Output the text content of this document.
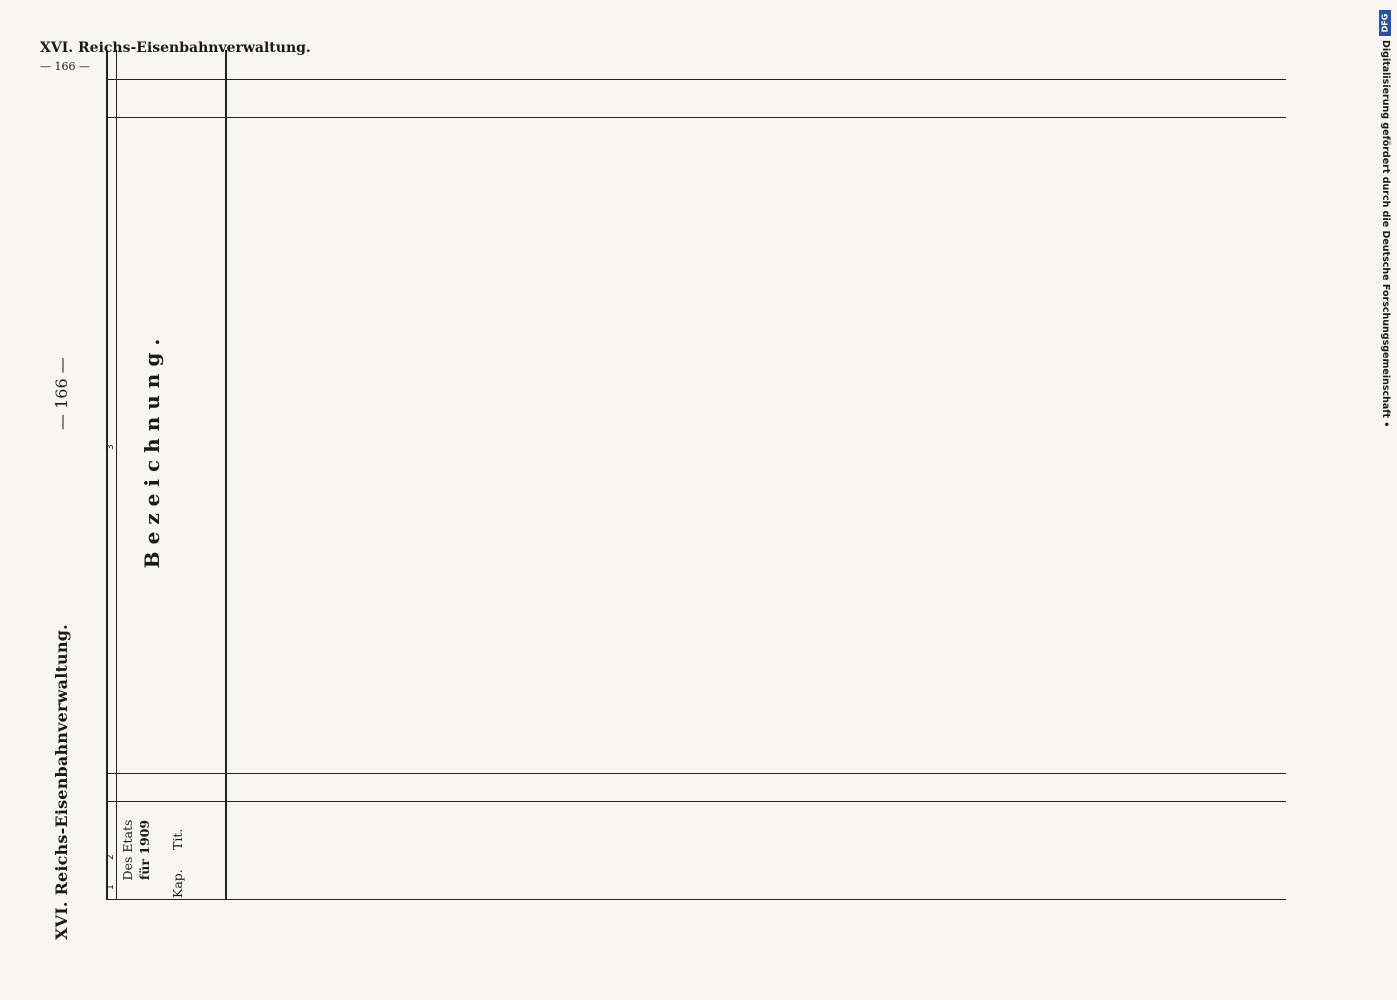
DFG
Digitalisierung gefördert durch die Deutsche Forschungsgemeinschaft •
XVI. Reichs-Eisenbahnverwaltung.
— 166 —
1
2
3
Des Etats für 1909
Kap.
Tit.
Bezeichnung.
XVI. Reichs-Eisenbahnverwaltung.
— 166 —
